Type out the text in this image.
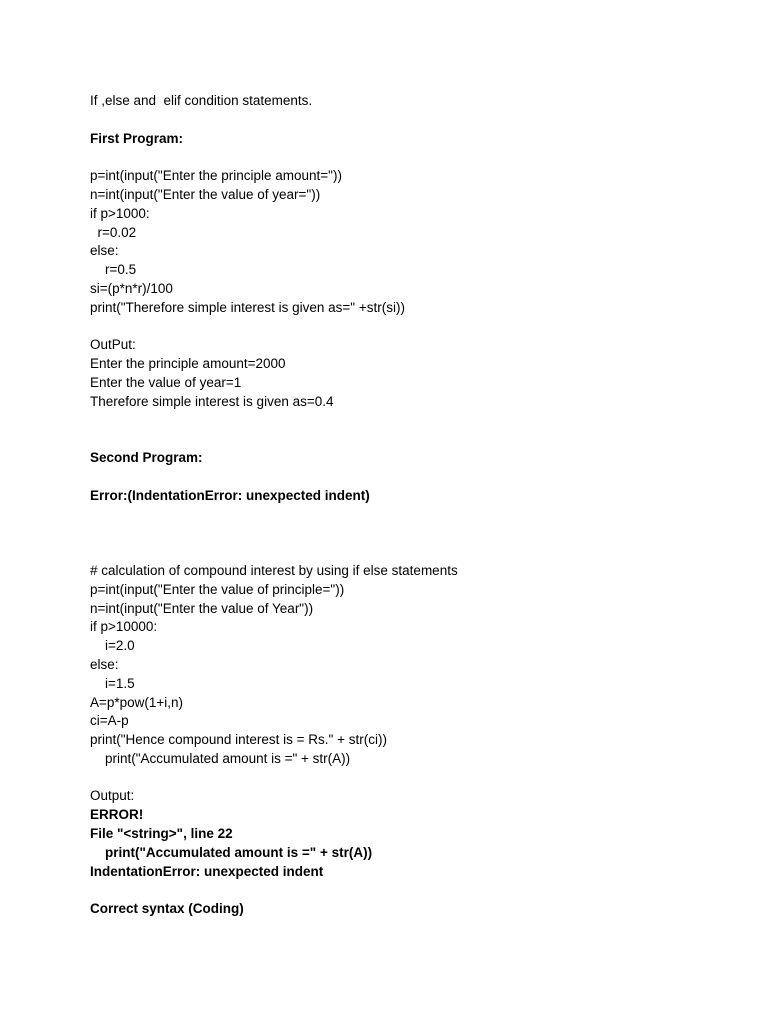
If ,else and  elif condition statements.
First Program:
p=int(input("Enter the principle amount="))
n=int(input("Enter the value of year="))
if p>1000:
r=0.02
else:
r=0.5
si=(p*n*r)/100
print("Therefore simple interest is given as=" +str(si))
OutPut:
Enter the principle amount=2000
Enter the value of year=1
Therefore simple interest is given as=0.4
Second Program:
Error:(IndentationError: unexpected indent)
# calculation of compound interest by using if else statements
p=int(input("Enter the value of principle="))
n=int(input("Enter the value of Year"))
if p>10000:
i=2.0
else:
i=1.5
A=p*pow(1+i,n)
ci=A-p
print("Hence compound interest is = Rs." + str(ci))
print("Accumulated amount is =" + str(A))
Output:
ERROR!
File "<string>", line 22
print("Accumulated amount is =" + str(A))
IndentationError: unexpected indent
Correct syntax (Coding)
